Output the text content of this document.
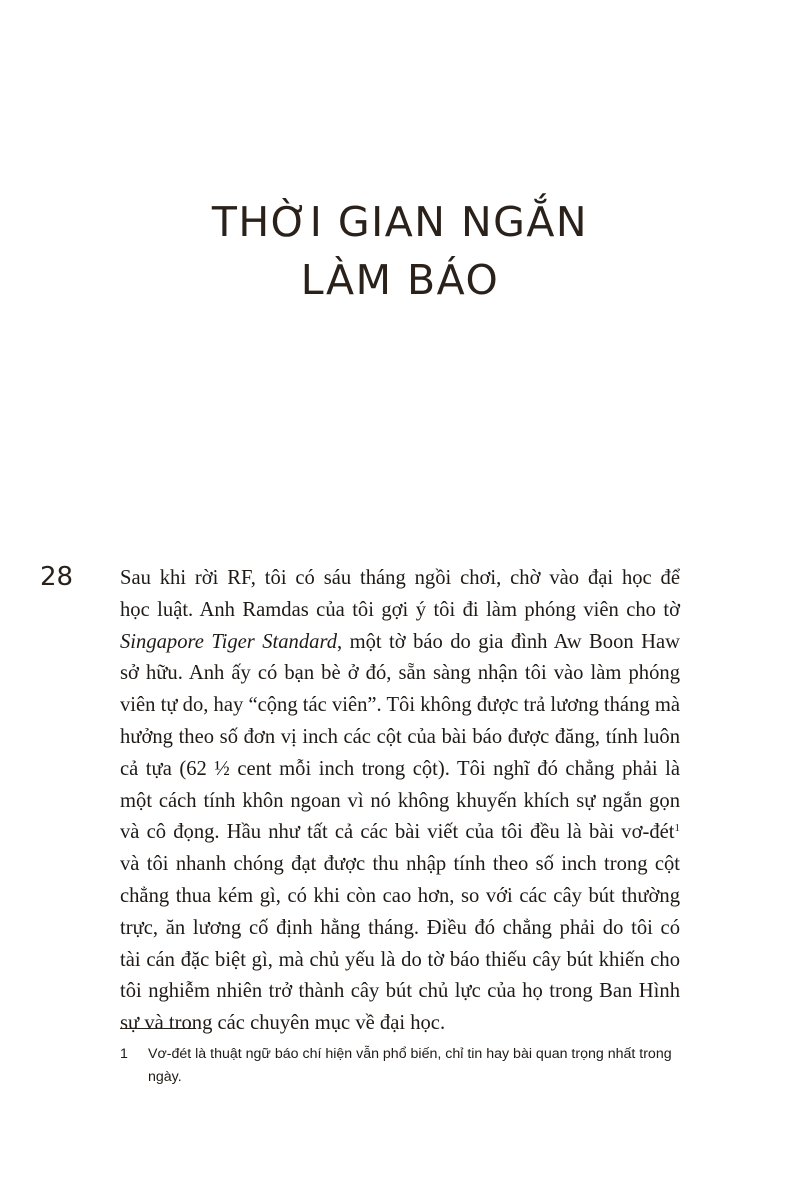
THỜI GIAN NGẮN
LÀM BÁO
28 Sau khi rời RF, tôi có sáu tháng ngồi chơi, chờ vào đại học để
học luật. Anh Ramdas của tôi gợi ý tôi đi làm phóng viên cho tờ
Singapore Tiger Standard, một tờ báo do gia đình Aw Boon Haw
sở hữu. Anh ấy có bạn bè ở đó, sẵn sàng nhận tôi vào làm phóng
viên tự do, hay “cộng tác viên”. Tôi không được trả lương tháng mà
hưởng theo số đơn vị inch các cột của bài báo được đăng, tính luôn
cả tựa (62 ½ cent mỗi inch trong cột). Tôi nghĩ đó chẳng phải là
một cách tính khôn ngoan vì nó không khuyến khích sự ngắn gọn
và cô đọng. Hầu như tất cả các bài viết của tôi đều là bài vơ-đét$^1$
và tôi nhanh chóng đạt được thu nhập tính theo số inch trong cột
chẳng thua kém gì, có khi còn cao hơn, so với các cây bút thường
trực, ăn lương cố định hằng tháng. Điều đó chẳng phải do tôi có
tài cán đặc biệt gì, mà chủ yếu là do tờ báo thiếu cây bút khiến cho
tôi nghiễm nhiên trở thành cây bút chủ lực của họ trong Ban Hình
sự và trong các chuyên mục về đại học.
1 Vơ-đét là thuật ngữ báo chí hiện vẫn phổ biến, chỉ tin hay bài quan trọng nhất trong ngày.
